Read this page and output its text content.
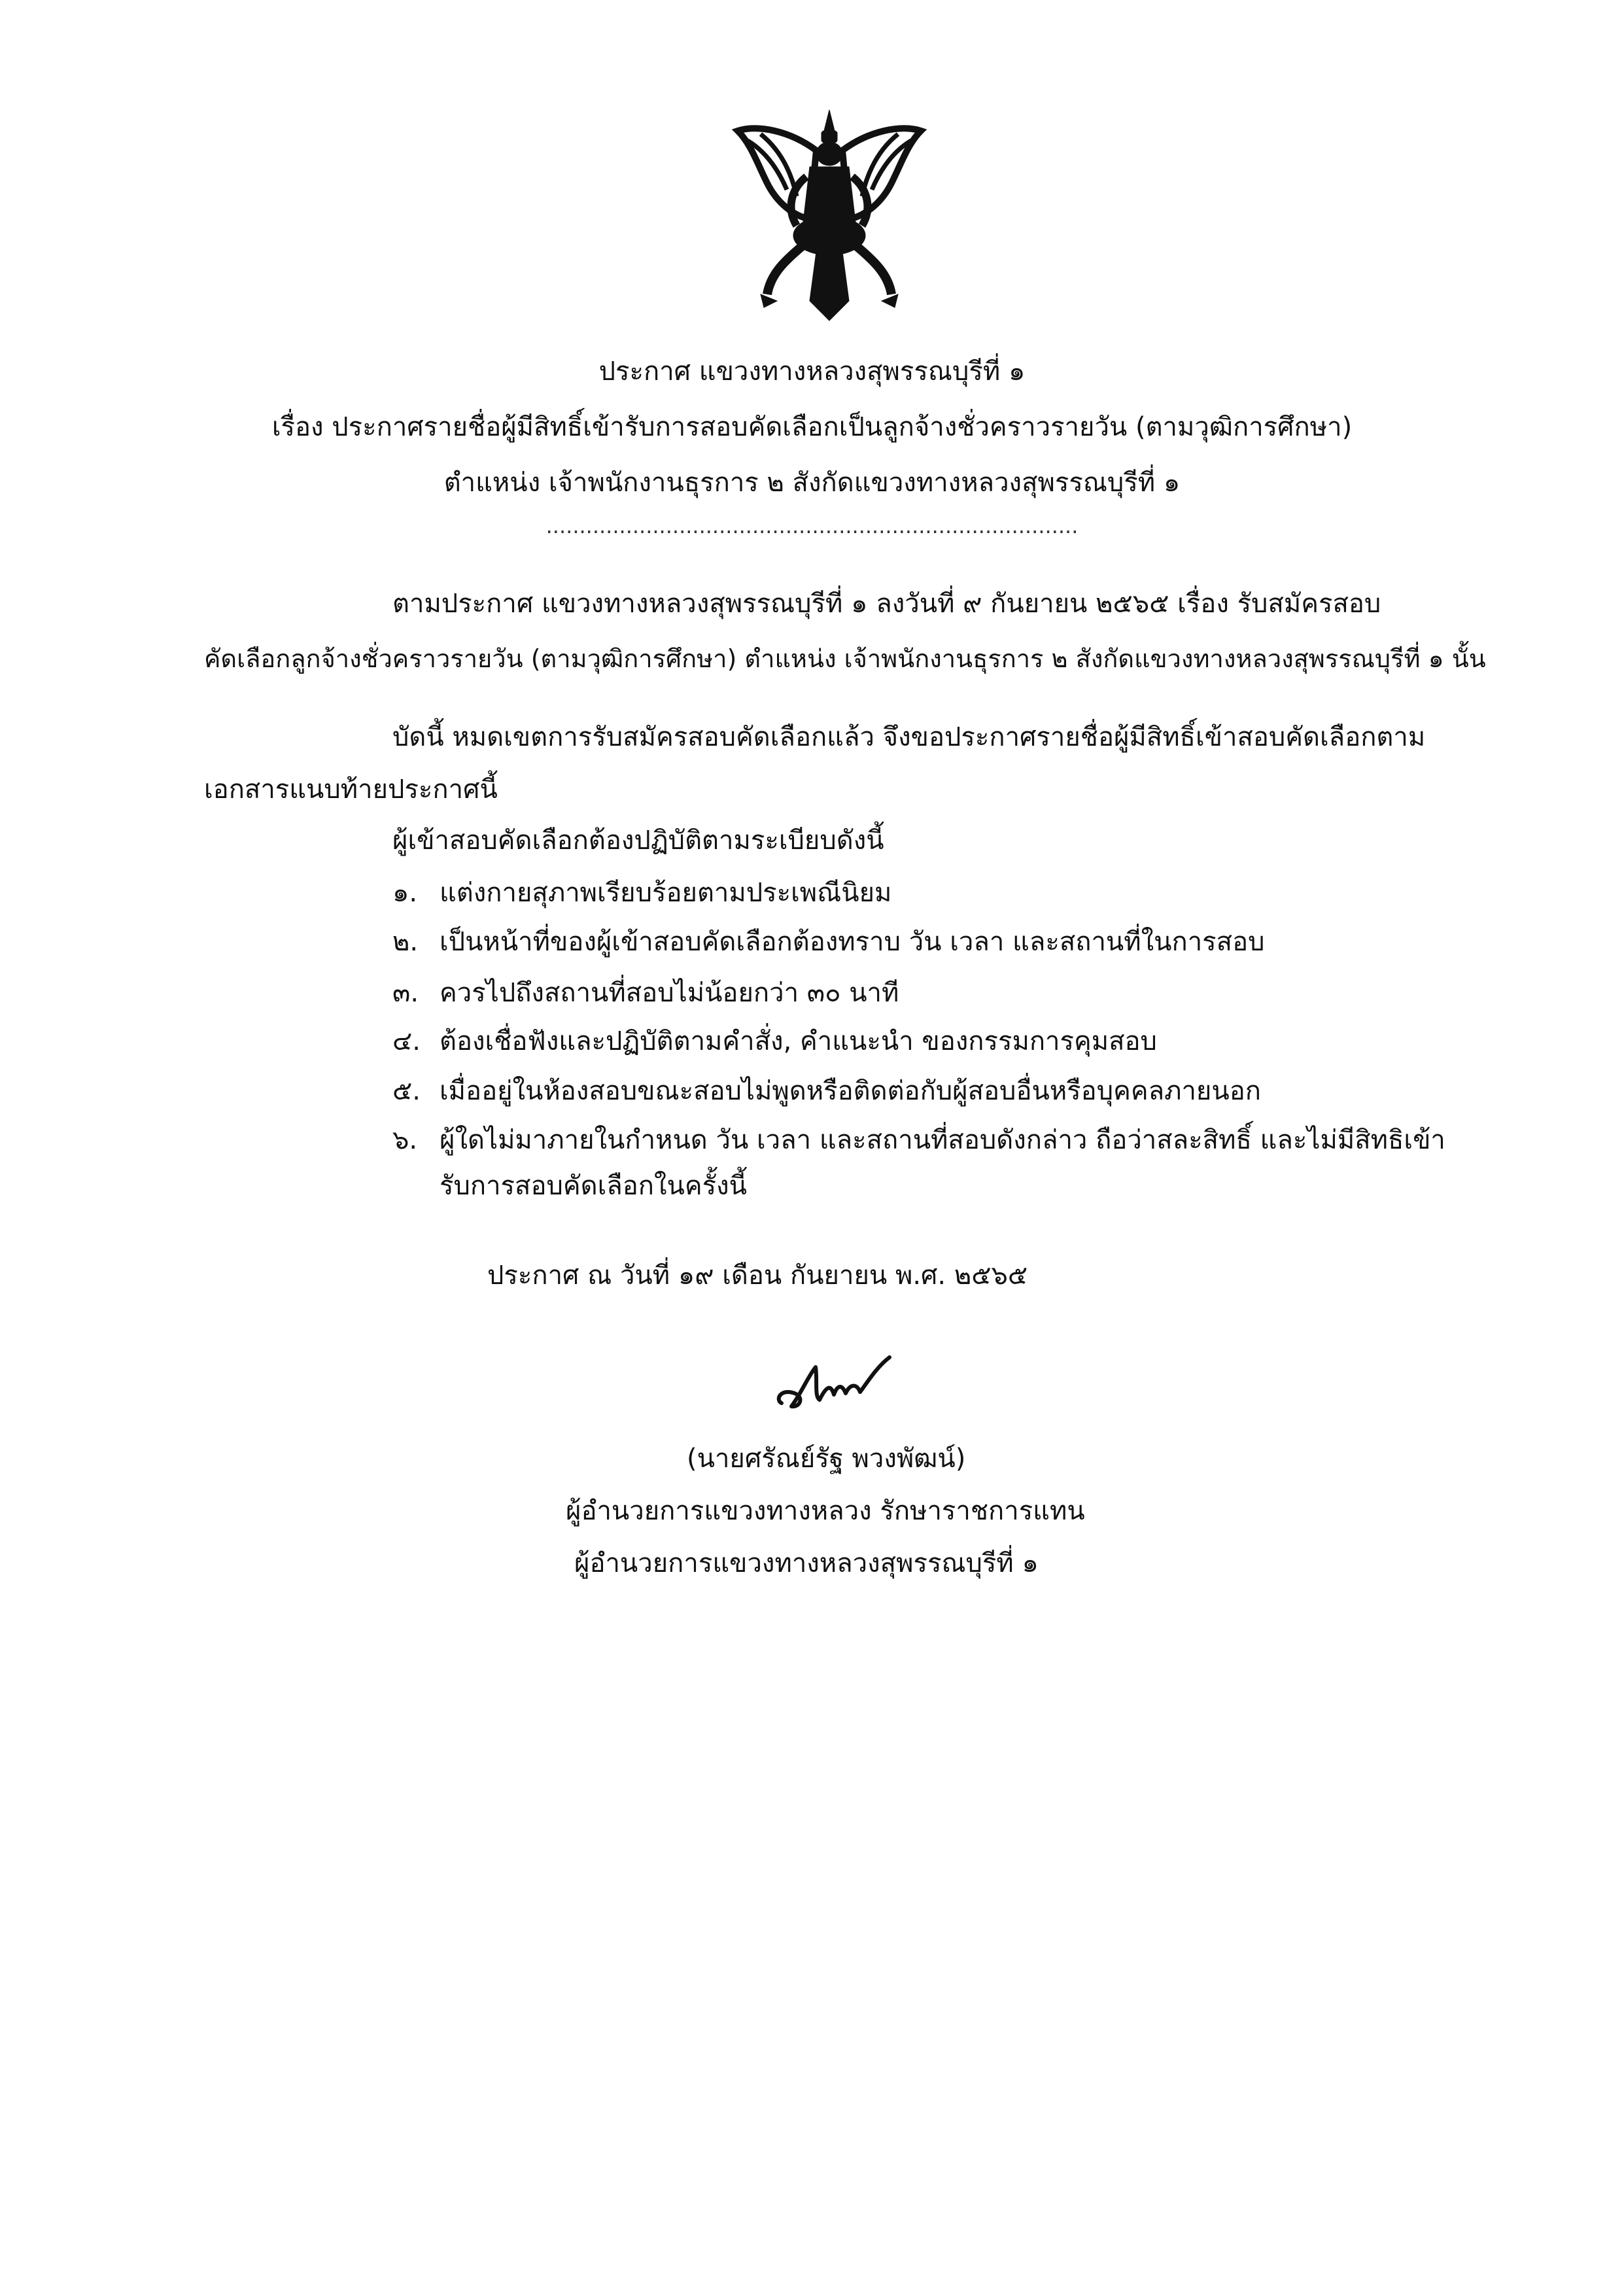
ประกาศ แขวงทางหลวงสุพรรณบุรีที่ ๑
เรื่อง ประกาศรายชื่อผู้มีสิทธิ์เข้ารับการสอบคัดเลือกเป็นลูกจ้างชั่วคราวรายวัน (ตามวุฒิการศึกษา)
ตำแหน่ง เจ้าพนักงานธุรการ ๒ สังกัดแขวงทางหลวงสุพรรณบุรีที่ ๑
................................................................................
ตามประกาศ แขวงทางหลวงสุพรรณบุรีที่ ๑ ลงวันที่ ๙ กันยายน ๒๕๖๕ เรื่อง รับสมัครสอบ
คัดเลือกลูกจ้างชั่วคราวรายวัน (ตามวุฒิการศึกษา) ตำแหน่ง เจ้าพนักงานธุรการ ๒ สังกัดแขวงทางหลวงสุพรรณบุรีที่ ๑ นั้น
บัดนี้ หมดเขตการรับสมัครสอบคัดเลือกแล้ว จึงขอประกาศรายชื่อผู้มีสิทธิ์เข้าสอบคัดเลือกตาม
เอกสารแนบท้ายประกาศนี้
ผู้เข้าสอบคัดเลือกต้องปฏิบัติตามระเบียบดังนี้
๑. แต่งกายสุภาพเรียบร้อยตามประเพณีนิยม
๒. เป็นหน้าที่ของผู้เข้าสอบคัดเลือกต้องทราบ วัน เวลา และสถานที่ในการสอบ
๓. ควรไปถึงสถานที่สอบไม่น้อยกว่า ๓๐ นาที
๔. ต้องเชื่อฟังและปฏิบัติตามคำสั่ง, คำแนะนำ ของกรรมการคุมสอบ
๕. เมื่ออยู่ในห้องสอบขณะสอบไม่พูดหรือติดต่อกับผู้สอบอื่นหรือบุคคลภายนอก
๖. ผู้ใดไม่มาภายในกำหนด วัน เวลา และสถานที่สอบดังกล่าว ถือว่าสละสิทธิ์ และไม่มีสิทธิเข้า
รับการสอบคัดเลือกในครั้งนี้
ประกาศ ณ วันที่ ๑๙ เดือน กันยายน พ.ศ. ๒๕๖๕
(นายศรัณย์รัฐ พวงพัฒน์)
ผู้อำนวยการแขวงทางหลวง รักษาราชการแทน
ผู้อำนวยการแขวงทางหลวงสุพรรณบุรีที่ ๑
